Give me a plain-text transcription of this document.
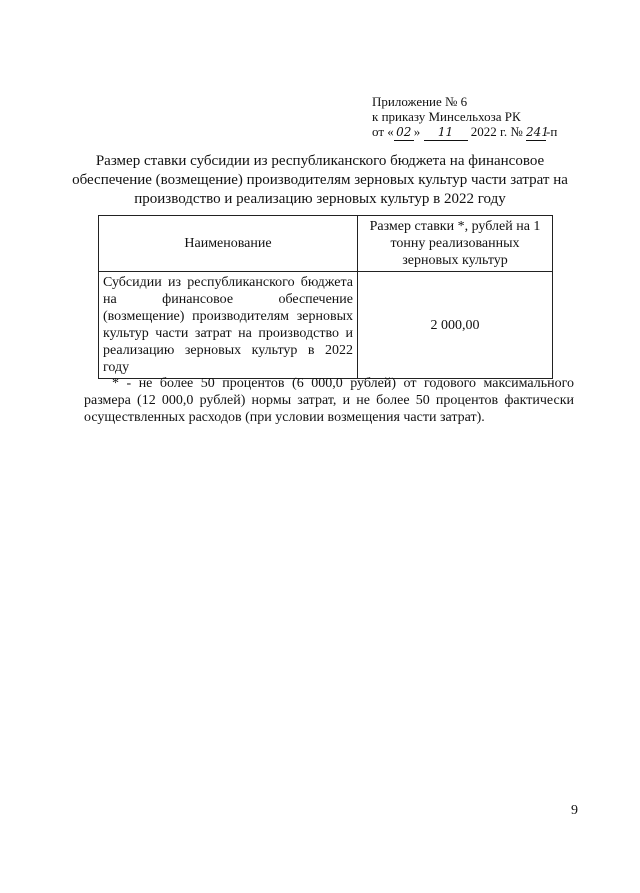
Приложение № 6
к приказу Минсельхоза РК
от « 02 » 11 2022 г. № 241-п
Размер ставки субсидии из республиканского бюджета на финансовое обеспечение (возмещение) производителям зерновых культур части затрат на производство и реализацию зерновых культур в 2022 году
Наименование	Размер ставки *, рублей на 1 тонну реализованных зерновых культур
Субсидии из республиканского бюджета на финансовое обеспечение (возмещение) производителям зерновых культур части затрат на производство и реализацию зерновых культур в 2022 году	2 000,00
* - не более 50 процентов (6 000,0 рублей) от годового максимального размера (12 000,0 рублей) нормы затрат, и не более 50 процентов фактически осуществленных расходов (при условии возмещения части затрат).
9
